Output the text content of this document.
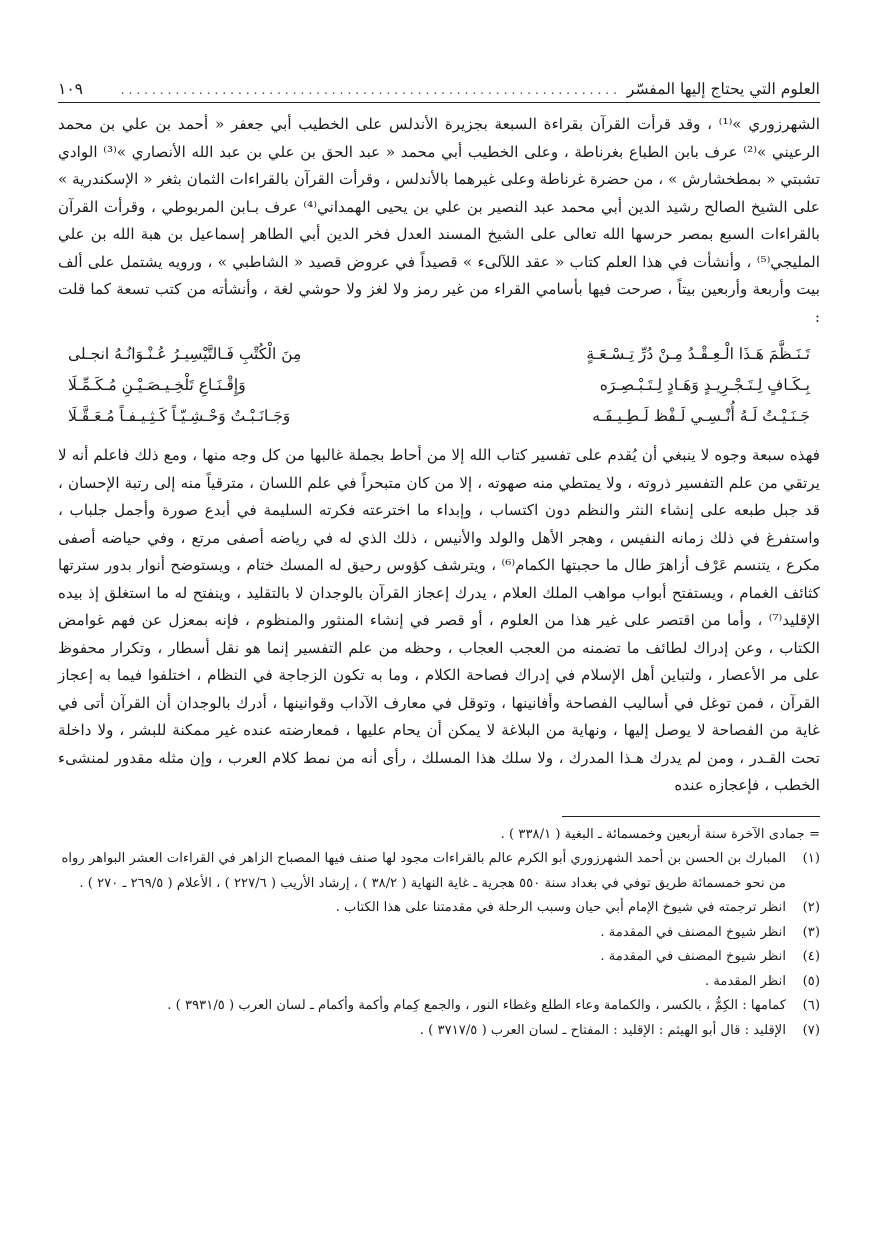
العلوم التي يحتاج إليها المفسّر
................................................................
١٠٩

الشهرزوري »⁽¹⁾ ، وقد قرأت القرآن بقراءة السبعة بجزيرة الأندلس على الخطيب أبي جعفر « أحمد بن علي بن محمد الرعيني »⁽²⁾ عرف بابن الطباع بغرناطة ، وعلى الخطيب أبي محمد « عبد الحق بن علي بن عبد الله الأنصاري »⁽³⁾ الوادي تشبتي « بمطخشارش » ، من حضرة غرناطة وعلى غيرهما بالأندلس ، وقرأت القرآن بالقراءات الثمان بثغر « الإسكندرية » على الشيخ الصالح رشيد الدين أبي محمد عبد النصير بن علي بن يحيى الهمداني⁽⁴⁾ عرف بـابن المربوطي ، وقرأت القرآن بالقراءات السبع بمصر حرسها الله تعالى على الشيخ المسند العدل فخر الدين أبي الطاهر إسماعيل بن هبة الله بن علي المليجي⁽⁵⁾ ، وأنشأت في هذا العلم كتاب « عقد اللآلىء » قصيداً في عروض قصيد « الشاطبي » ، ورويه يشتمل على ألف بيت وأربعة وأربعين بيتاً ، صرحت فيها بأسامي القراء من غير رمز ولا لغز ولا حوشي لغة ، وأنشأته من كتب تسعة كما قلت :

تَـنَـظَّمَ هَـذَا الْـعِـقْـدُ مِـنْ دُرِّ تِـسْـعَـةٍ
مِنَ الْكُتْبِ فَـالتَّيْسِيـرُ عُـنْـوَانُـهُ انجـلى
بِـكَـافٍ لِـتَـجْـرِيـدٍ وَهَـادٍ لِـتَـبْـصِـرَه
وَإِقْـنَـاعِ تَلْخِـيـصَـيْـنِ مُـكَـمِّـلَا
جَـنَـيْـتُ لَـهُ أُنْـسِـي لَـفْظ لَـطِـيـفَـه
وَجَـانَـبْـتُ وَحْـشِـيّـاً كَـثِـيـفـاً مُـعَـقَّـلَا

فهذه سبعة وجوه لا ينبغي أن يُقدم على تفسير كتاب الله إلا من أحاط بجملة غالبها من كل وجه منها ، ومع ذلك فاعلم أنه لا يرتقي من علم التفسير ذروته ، ولا يمتطي منه صهوته ، إلا من كان متبحراً في علم اللسان ، مترقياً منه إلى رتبة الإحسان ، قد جبل طبعه على إنشاء النثر والنظم دون اكتساب ، وإبداء ما اخترعته فكرته السليمة في أبدع صورة وأجمل جلباب ، واستفرغ في ذلك زمانه النفيس ، وهجر الأهل والولد والأنيس ، ذلك الذي له في رياضه أصفى مرتع ، وفي حياضه أصفى مكرع ، يتنسم عَرْف أزاهرَ طال ما حجبتها الكمام⁽⁶⁾ ، ويترشف كؤوس رحيق له المسك ختام ، ويستوضح أنوار بدور سترتها كثائف الغمام ، ويستفتح أبواب مواهب الملك العلام ، يدرك إعجاز القرآن بالوجدان لا بالتقليد ، وينفتح له ما استغلق إذ بيده الإقليد⁽⁷⁾ ، وأما من اقتصر على غير هذا من العلوم ، أو قصر في إنشاء المنثور والمنظوم ، فإنه بمعزل عن فهم غوامض الكتاب ، وعن إدراك لطائف ما تضمنه من العجب العجاب ، وحظه من علم التفسير إنما هو نقل أسطار ، وتكرار محفوظ على مر الأعصار ، ولتباين أهل الإسلام في إدراك فصاحة الكلام ، وما به تكون الزجاجة في النظام ، اختلفوا فيما به إعجاز القرآن ، فمن توغل في أساليب الفصاحة وأفانينها ، وتوقل في معارف الآداب وقوانينها ، أدرك بالوجدان أن القرآن أتى في غاية من الفصاحة لا يوصل إليها ، ونهاية من البلاغة لا يمكن أن يحام عليها ، فمعارضته عنده غير ممكنة للبشر ، ولا داخلة تحت القـدر ، ومن لم يدرك هـذا المدرك ، ولا سلك هذا المسلك ، رأى أنه من نمط كلام العرب ، وإن مثله مقدور لمنشىء الخطب ، فإعجازه عنده

= جمادى الآخرة سنة أربعين وخمسمائة ـ البغية ( ٣٣٨/١ ) .
(١)
المبارك بن الحسن بن أحمد الشهرزوري أبو الكرم عالم بالقراءات مجود لها صنف فيها المصباح الزاهر في القراءات العشر البواهر رواه من نحو خمسمائة طريق توفي في بغداد سنة ٥٥٠ هجرية ـ غاية النهاية ( ٣٨/٢ ) ، إرشاد الأريب ( ٢٢٧/٦ ) ، الأعلام ( ٢٦٩/٥ ـ ٢٧٠ ) .
(٢)
انظر ترجمته في شيوخ الإمام أبي حيان وسبب الرحلة في مقدمتنا على هذا الكتاب .
(٣)
انظر شيوخ المصنف في المقدمة .
(٤)
انظر شيوخ المصنف في المقدمة .
(٥)
انظر المقدمة .
(٦)
كمامها : الكِمُّ ، بالكسر ، والكمامة وعاء الطلع وغطاء النور ، والجمع كِمام وأكمة وأكمام ـ لسان العرب ( ٣٩٣١/٥ ) .
(٧)
الإقليد : قال أبو الهيثم : الإقليد : المفتاح ـ لسان العرب ( ٣٧١٧/٥ ) .
